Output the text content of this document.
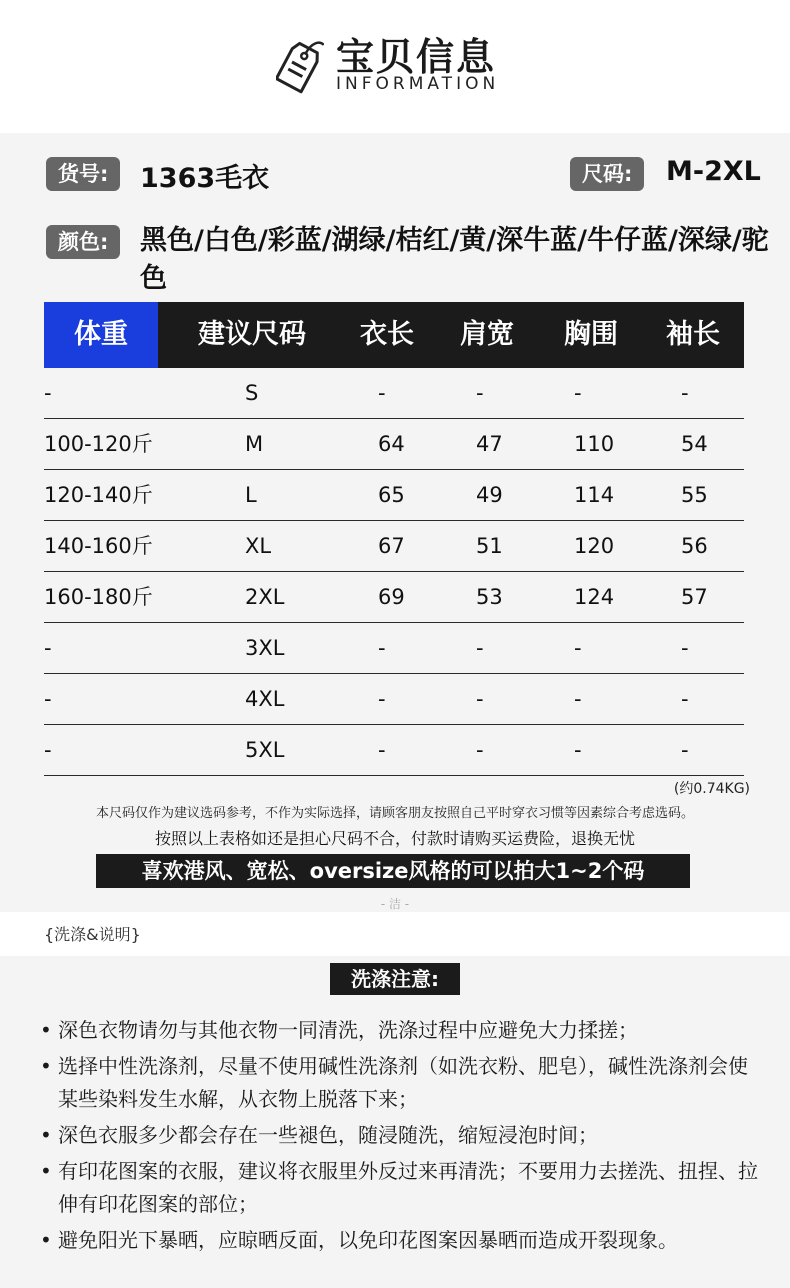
宝贝信息
INFORMATION
货号:	1363毛衣	尺码:	M-2XL
颜色:	黑色/白色/彩蓝/湖绿/桔红/黄/深牛蓝/牛仔蓝/深绿/驼色
体重	建议尺码 衣长 肩宽 胸围 袖长
-	S	-	-	-	-
100-120斤	M	64	47	110	54
120-140斤	L	65	49	114	55
140-160斤	XL	67	51	120	56
160-180斤	2XL	69	53	124	57
-	3XL	-	-	-	-
-	4XL	-	-	-	-
-	5XL	-	-	-	-
(约0.74KG)
本尺码仅作为建议选码参考，不作为实际选择，请顾客朋友按照自己平时穿衣习惯等因素综合考虑选码。
按照以上表格如还是担心尺码不合，付款时请购买运费险，退换无忧
喜欢港风、宽松、oversize风格的可以拍大1~2个码
- 洁 -
{洗涤&说明}
洗涤注意:
• 深色衣物请勿与其他衣物一同清洗，洗涤过程中应避免大力揉搓；
• 选择中性洗涤剂，尽量不使用碱性洗涤剂（如洗衣粉、肥皂），碱性洗涤剂会使某些染料发生水解，从衣物上脱落下来；
• 深色衣服多少都会存在一些褪色，随浸随洗，缩短浸泡时间；
• 有印花图案的衣服，建议将衣服里外反过来再清洗；不要用力去搓洗、扭捏、拉伸有印花图案的部位；
• 避免阳光下暴晒，应晾晒反面，以免印花图案因暴晒而造成开裂现象。
